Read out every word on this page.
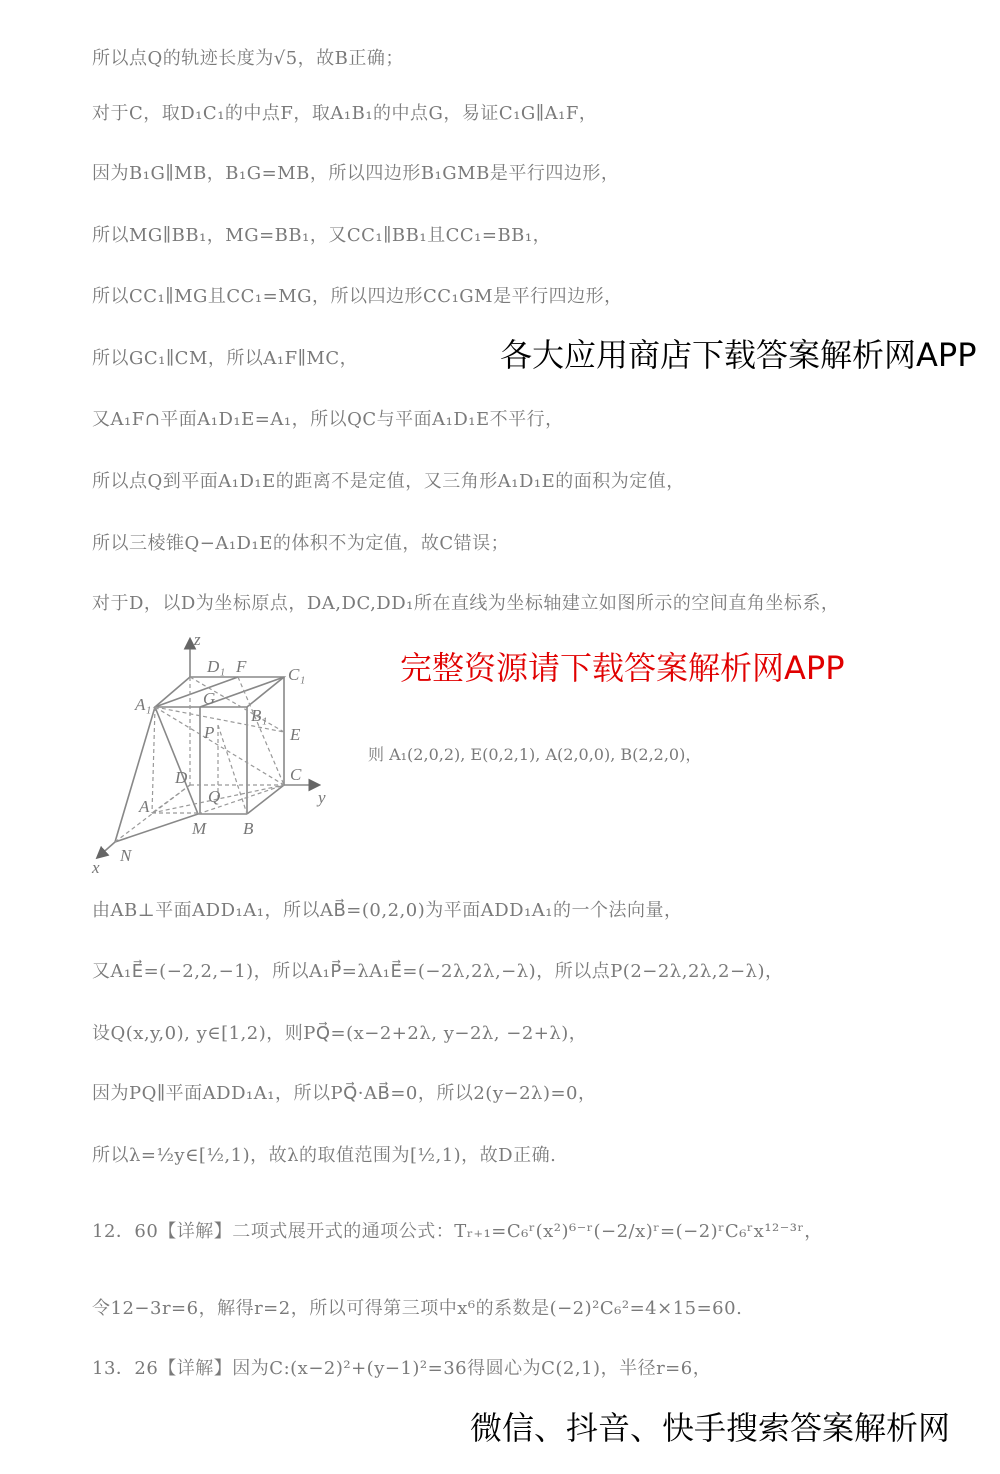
所以点Q的轨迹长度为√5，故B正确；
对于C，取D₁C₁的中点F，取A₁B₁的中点G，易证C₁G∥A₁F，
因为B₁G∥MB，B₁G=MB，所以四边形B₁GMB是平行四边形，
所以MG∥BB₁，MG=BB₁，又CC₁∥BB₁且CC₁=BB₁，
所以CC₁∥MG且CC₁=MG，所以四边形CC₁GM是平行四边形，
所以GC₁∥CM，所以A₁F∥MC，
又A₁F∩平面A₁D₁E=A₁，所以QC与平面A₁D₁E不平行，
所以点Q到平面A₁D₁E的距离不是定值，又三角形A₁D₁E的面积为定值，
所以三棱锥Q−A₁D₁E的体积不为定值，故C错误；
对于D，以D为坐标原点，DA,DC,DD₁所在直线为坐标轴建立如图所示的空间直角坐标系，
z
y
x
D₁ F C₁
A₁	G
B₁
P	E
D	C
A
Q
M B
N
则 A₁(2,0,2), E(0,2,1), A(2,0,0), B(2,2,0)，
由AB⊥平面ADD₁A₁，所以AB⃗=(0,2,0)为平面ADD₁A₁的一个法向量，
又A₁E⃗=(−2,2,−1)，所以A₁P⃗=λA₁E⃗=(−2λ,2λ,−λ)，所以点P(2−2λ,2λ,2−λ)，
设Q(x,y,0), y∈[1,2)，则PQ⃗=(x−2+2λ, y−2λ, −2+λ)，
因为PQ∥平面ADD₁A₁，所以PQ⃗·AB⃗=0，所以2(y−2λ)=0，
所以λ=½y∈[½,1)，故λ的取值范围为[½,1)，故D正确.
12．60【详解】二项式展开式的通项公式：Tᵣ₊₁=C₆ʳ(x²)⁶⁻ʳ(−2/x)ʳ=(−2)ʳC₆ʳx¹²⁻³ʳ，
令12−3r=6，解得r=2，所以可得第三项中x⁶的系数是(−2)²C₆²=4×15=60.
13．26【详解】因为C:(x−2)²+(y−1)²=36得圆心为C(2,1)，半径r=6，
各大应用商店下载答案解析网APP
完整资源请下载答案解析网APP
微信、抖音、快手搜索答案解析网
